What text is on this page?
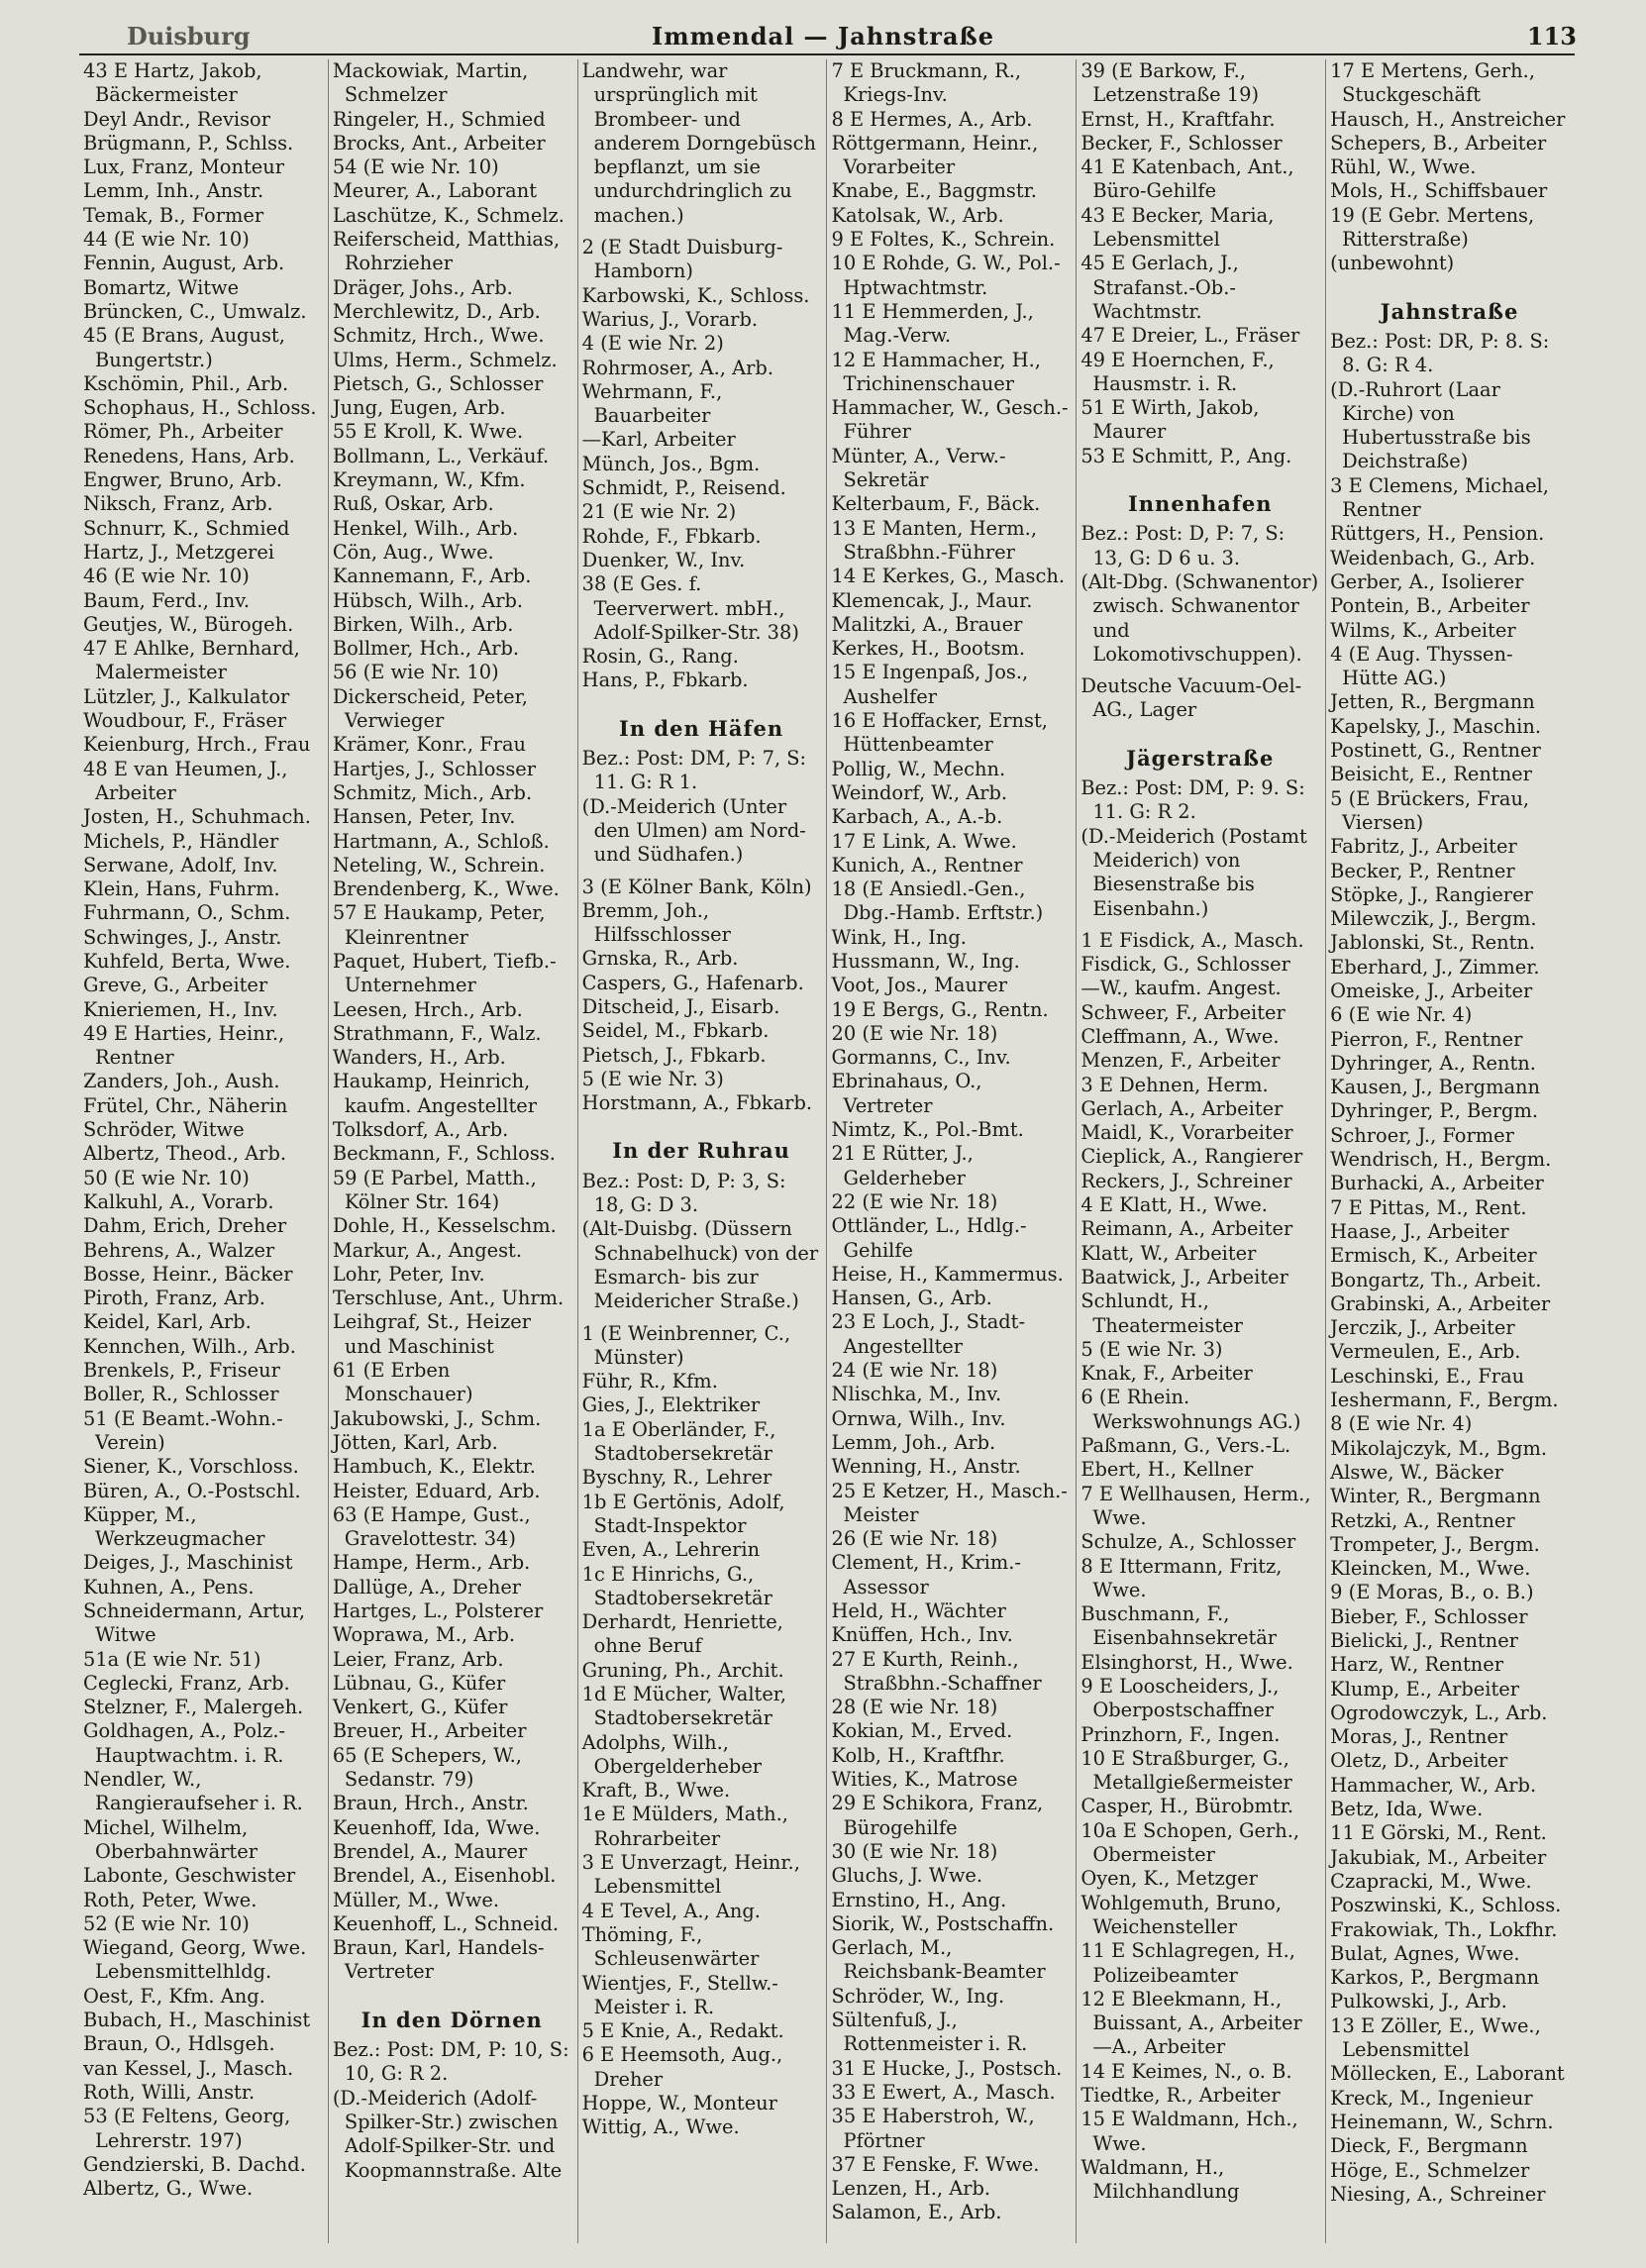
Duisburg	Immendal — Jahnstraße	113

43 E Hartz, Jakob, Bäckermeister

Deyl Andr., Revisor

Brügmann, P., Schlss.

Lux, Franz, Monteur

Lemm, Inh., Anstr.

Temak, B., Former

44 (E wie Nr. 10)

Fennin, August, Arb.

Bomartz, Witwe

Brüncken, C., Umwalz.

45 (E Brans, August, Bungertstr.)

Kschömin, Phil., Arb.

Schophaus, H., Schloss.

Römer, Ph., Arbeiter

Renedens, Hans, Arb.

Engwer, Bruno, Arb.

Niksch, Franz, Arb.

Schnurr, K., Schmied

Hartz, J., Metzgerei

46 (E wie Nr. 10)

Baum, Ferd., Inv.

Geutjes, W., Bürogeh.

47 E Ahlke, Bernhard, Malermeister

Lützler, J., Kalkulator

Woudbour, F., Fräser

Keienburg, Hrch., Frau

48 E van Heumen, J., Arbeiter

Josten, H., Schuhmach.

Michels, P., Händler

Serwane, Adolf, Inv.

Klein, Hans, Fuhrm.

Fuhrmann, O., Schm.

Schwinges, J., Anstr.

Kuhfeld, Berta, Wwe.

Greve, G., Arbeiter

Knieriemen, H., Inv.

49 E Harties, Heinr., Rentner

Zanders, Joh., Aush.

Frütel, Chr., Näherin

Schröder, Witwe

Albertz, Theod., Arb.

50 (E wie Nr. 10)

Kalkuhl, A., Vorarb.

Dahm, Erich, Dreher

Behrens, A., Walzer

Bosse, Heinr., Bäcker

Piroth, Franz, Arb.

Keidel, Karl, Arb.

Kennchen, Wilh., Arb.

Brenkels, P., Friseur

Boller, R., Schlosser

51 (E Beamt.-Wohn.-Verein)

Siener, K., Vorschloss.

Büren, A., O.-Postschl.

Küpper, M., Werkzeugmacher

Deiges, J., Maschinist

Kuhnen, A., Pens.

Schneidermann, Artur, Witwe

51a (E wie Nr. 51)

Ceglecki, Franz, Arb.

Stelzner, F., Malergeh.

Goldhagen, A., Polz.-Hauptwachtm. i. R.

Nendler, W., Rangieraufseher i. R.

Michel, Wilhelm, Oberbahnwärter

Labonte, Geschwister

Roth, Peter, Wwe.

52 (E wie Nr. 10)

Wiegand, Georg, Wwe. Lebensmittelhldg.

Oest, F., Kfm. Ang.

Bubach, H., Maschinist

Braun, O., Hdlsgeh.

van Kessel, J., Masch.

Roth, Willi, Anstr.

53 (E Feltens, Georg, Lehrerstr. 197)

Gendzierski, B. Dachd.

Albertz, G., Wwe.

Mackowiak, Martin, Schmelzer

Ringeler, H., Schmied

Brocks, Ant., Arbeiter

54 (E wie Nr. 10)

Meurer, A., Laborant

Laschütze, K., Schmelz.

Reiferscheid, Matthias, Rohrzieher

Dräger, Johs., Arb.

Merchlewitz, D., Arb.

Schmitz, Hrch., Wwe.

Ulms, Herm., Schmelz.

Pietsch, G., Schlosser

Jung, Eugen, Arb.

55 E Kroll, K. Wwe.

Bollmann, L., Verkäuf.

Kreymann, W., Kfm.

Ruß, Oskar, Arb.

Henkel, Wilh., Arb.

Cön, Aug., Wwe.

Kannemann, F., Arb.

Hübsch, Wilh., Arb.

Birken, Wilh., Arb.

Bollmer, Hch., Arb.

56 (E wie Nr. 10)

Dickerscheid, Peter, Verwieger

Krämer, Konr., Frau

Hartjes, J., Schlosser

Schmitz, Mich., Arb.

Hansen, Peter, Inv.

Hartmann, A., Schloß.

Neteling, W., Schrein.

Brendenberg, K., Wwe.

57 E Haukamp, Peter, Kleinrentner

Paquet, Hubert, Tiefb.-Unternehmer

Leesen, Hrch., Arb.

Strathmann, F., Walz.

Wanders, H., Arb.

Haukamp, Heinrich, kaufm. Angestellter

Tolksdorf, A., Arb.

Beckmann, F., Schloss.

59 (E Parbel, Matth., Kölner Str. 164)

Dohle, H., Kesselschm.

Markur, A., Angest.

Lohr, Peter, Inv.

Terschluse, Ant., Uhrm.

Leihgraf, St., Heizer und Maschinist

61 (E Erben Monschauer)

Jakubowski, J., Schm.

Jötten, Karl, Arb.

Hambuch, K., Elektr.

Heister, Eduard, Arb.

63 (E Hampe, Gust., Gravelottestr. 34)

Hampe, Herm., Arb.

Dallüge, A., Dreher

Hartges, L., Polsterer

Woprawa, M., Arb.

Leier, Franz, Arb.

Lübnau, G., Küfer

Venkert, G., Küfer

Breuer, H., Arbeiter

65 (E Schepers, W., Sedanstr. 79)

Braun, Hrch., Anstr.

Keuenhoff, Ida, Wwe.

Brendel, A., Maurer

Brendel, A., Eisenhobl.

Müller, M., Wwe.

Keuenhoff, L., Schneid.

Braun, Karl, Handels-Vertreter

In den Dörnen

Bez.: Post: DM, P: 10, S: 10, G: R 2.

(D.-Meiderich (Adolf-Spilker-Str.) zwischen Adolf-Spilker-Str. und Koopmannstraße. Alte

Landwehr, war ursprünglich mit Brombeer- und anderem Dorngebüsch bepflanzt, um sie undurchdringlich zu machen.)

2 (E Stadt Duisburg-Hamborn)

Karbowski, K., Schloss.

Warius, J., Vorarb.

4 (E wie Nr. 2)

Rohrmoser, A., Arb.

Wehrmann, F., Bauarbeiter

—Karl, Arbeiter

Münch, Jos., Bgm.

Schmidt, P., Reisend.

21 (E wie Nr. 2)

Rohde, F., Fbkarb.

Duenker, W., Inv.

38 (E Ges. f. Teerverwert. mbH., Adolf-Spilker-Str. 38)

Rosin, G., Rang.

Hans, P., Fbkarb.

In den Häfen

Bez.: Post: DM, P: 7, S: 11. G: R 1.

(D.-Meiderich (Unter den Ulmen) am Nord- und Südhafen.)

3 (E Kölner Bank, Köln)

Bremm, Joh., Hilfsschlosser

Grnska, R., Arb.

Caspers, G., Hafenarb.

Ditscheid, J., Eisarb.

Seidel, M., Fbkarb.

Pietsch, J., Fbkarb.

5 (E wie Nr. 3)

Horstmann, A., Fbkarb.

In der Ruhrau

Bez.: Post: D, P: 3, S: 18, G: D 3.

(Alt-Duisbg. (Düssern Schnabelhuck) von der Esmarch- bis zur Meidericher Straße.)

1 (E Weinbrenner, C., Münster)

Führ, R., Kfm.

Gies, J., Elektriker

1a E Oberländer, F., Stadtobersekretär

Byschny, R., Lehrer

1b E Gertönis, Adolf, Stadt-Inspektor

Even, A., Lehrerin

1c E Hinrichs, G., Stadtobersekretär

Derhardt, Henriette, ohne Beruf

Gruning, Ph., Archit.

1d E Mücher, Walter, Stadtobersekretär

Adolphs, Wilh., Obergelderheber

Kraft, B., Wwe.

1e E Mülders, Math., Rohrarbeiter

3 E Unverzagt, Heinr., Lebensmittel

4 E Tevel, A., Ang.

Thöming, F., Schleusenwärter

Wientjes, F., Stellw.-Meister i. R.

5 E Knie, A., Redakt.

6 E Heemsoth, Aug., Dreher

Hoppe, W., Monteur

Wittig, A., Wwe.

7 E Bruckmann, R., Kriegs-Inv.

8 E Hermes, A., Arb.

Röttgermann, Heinr., Vorarbeiter

Knabe, E., Baggmstr.

Katolsak, W., Arb.

9 E Foltes, K., Schrein.

10 E Rohde, G. W., Pol.-Hptwachtmstr.

11 E Hemmerden, J., Mag.-Verw.

12 E Hammacher, H., Trichinenschauer

Hammacher, W., Gesch.-Führer

Münter, A., Verw.-Sekretär

Kelterbaum, F., Bäck.

13 E Manten, Herm., Straßbhn.-Führer

14 E Kerkes, G., Masch.

Klemencak, J., Maur.

Malitzki, A., Brauer

Kerkes, H., Bootsm.

15 E Ingenpaß, Jos., Aushelfer

16 E Hoffacker, Ernst, Hüttenbeamter

Pollig, W., Mechn.

Weindorf, W., Arb.

Karbach, A., A.-b.

17 E Link, A. Wwe.

Kunich, A., Rentner

18 (E Ansiedl.-Gen., Dbg.-Hamb. Erftstr.)

Wink, H., Ing.

Hussmann, W., Ing.

Voot, Jos., Maurer

19 E Bergs, G., Rentn.

20 (E wie Nr. 18)

Gormanns, C., Inv.

Ebrinahaus, O., Vertreter

Nimtz, K., Pol.-Bmt.

21 E Rütter, J., Gelderheber

22 (E wie Nr. 18)

Ottländer, L., Hdlg.-Gehilfe

Heise, H., Kammermus.

Hansen, G., Arb.

23 E Loch, J., Stadt-Angestellter

24 (E wie Nr. 18)

Nlischka, M., Inv.

Ornwa, Wilh., Inv.

Lemm, Joh., Arb.

Wenning, H., Anstr.

25 E Ketzer, H., Masch.-Meister

26 (E wie Nr. 18)

Clement, H., Krim.-Assessor

Held, H., Wächter

Knüffen, Hch., Inv.

27 E Kurth, Reinh., Straßbhn.-Schaffner

28 (E wie Nr. 18)

Kokian, M., Erved.

Kolb, H., Kraftfhr.

Wities, K., Matrose

29 E Schikora, Franz, Bürogehilfe

30 (E wie Nr. 18)

Gluchs, J. Wwe.

Ernstino, H., Ang.

Siorik, W., Postschaffn.

Gerlach, M., Reichsbank-Beamter

Schröder, W., Ing.

Sültenfuß, J., Rottenmeister i. R.

31 E Hucke, J., Postsch.

33 E Ewert, A., Masch.

35 E Haberstroh, W., Pförtner

37 E Fenske, F. Wwe.

Lenzen, H., Arb.

Salamon, E., Arb.

39 (E Barkow, F., Letzenstraße 19)

Ernst, H., Kraftfahr.

Becker, F., Schlosser

41 E Katenbach, Ant., Büro-Gehilfe

43 E Becker, Maria, Lebensmittel

45 E Gerlach, J., Strafanst.-Ob.-Wachtmstr.

47 E Dreier, L., Fräser

49 E Hoernchen, F., Hausmstr. i. R.

51 E Wirth, Jakob, Maurer

53 E Schmitt, P., Ang.

Innenhafen

Bez.: Post: D, P: 7, S: 13, G: D 6 u. 3.

(Alt-Dbg. (Schwanentor) zwisch. Schwanentor und Lokomotivschuppen).

Deutsche Vacuum-Oel-AG., Lager

Jägerstraße

Bez.: Post: DM, P: 9. S: 11. G: R 2.

(D.-Meiderich (Postamt Meiderich) von Biesenstraße bis Eisenbahn.)

1 E Fisdick, A., Masch.

Fisdick, G., Schlosser

—W., kaufm. Angest.

Schweer, F., Arbeiter

Cleffmann, A., Wwe.

Menzen, F., Arbeiter

3 E Dehnen, Herm.

Gerlach, A., Arbeiter

Maidl, K., Vorarbeiter

Cieplick, A., Rangierer

Reckers, J., Schreiner

4 E Klatt, H., Wwe.

Reimann, A., Arbeiter

Klatt, W., Arbeiter

Baatwick, J., Arbeiter

Schlundt, H., Theatermeister

5 (E wie Nr. 3)

Knak, F., Arbeiter

6 (E Rhein. Werkswohnungs AG.)

Paßmann, G., Vers.-L.

Ebert, H., Kellner

7 E Wellhausen, Herm., Wwe.

Schulze, A., Schlosser

8 E Ittermann, Fritz, Wwe.

Buschmann, F., Eisenbahnsekretär

Elsinghorst, H., Wwe.

9 E Looscheiders, J., Oberpostschaffner

Prinzhorn, F., Ingen.

10 E Straßburger, G., Metallgießermeister

Casper, H., Bürobmtr.

10a E Schopen, Gerh., Obermeister

Oyen, K., Metzger

Wohlgemuth, Bruno, Weichensteller

11 E Schlagregen, H., Polizeibeamter

12 E Bleekmann, H., Buissant, A., Arbeiter —A., Arbeiter

14 E Keimes, N., o. B.

Tiedtke, R., Arbeiter

15 E Waldmann, Hch., Wwe.

Waldmann, H., Milchhandlung

17 E Mertens, Gerh., Stuckgeschäft

Hausch, H., Anstreicher

Schepers, B., Arbeiter

Rühl, W., Wwe.

Mols, H., Schiffsbauer

19 (E Gebr. Mertens, Ritterstraße)

(unbewohnt)

Jahnstraße

Bez.: Post: DR, P: 8. S: 8. G: R 4.

(D.-Ruhrort (Laar Kirche) von Hubertusstraße bis Deichstraße)

3 E Clemens, Michael, Rentner

Rüttgers, H., Pension.

Weidenbach, G., Arb.

Gerber, A., Isolierer

Pontein, B., Arbeiter

Wilms, K., Arbeiter

4 (E Aug. Thyssen-Hütte AG.)

Jetten, R., Bergmann

Kapelsky, J., Maschin.

Postinett, G., Rentner

Beisicht, E., Rentner

5 (E Brückers, Frau, Viersen)

Fabritz, J., Arbeiter

Becker, P., Rentner

Stöpke, J., Rangierer

Milewczik, J., Bergm.

Jablonski, St., Rentn.

Eberhard, J., Zimmer.

Omeiske, J., Arbeiter

6 (E wie Nr. 4)

Pierron, F., Rentner

Dyhringer, A., Rentn.

Kausen, J., Bergmann

Dyhringer, P., Bergm.

Schroer, J., Former

Wendrisch, H., Bergm.

Burhacki, A., Arbeiter

7 E Pittas, M., Rent.

Haase, J., Arbeiter

Ermisch, K., Arbeiter

Bongartz, Th., Arbeit.

Grabinski, A., Arbeiter

Jerczik, J., Arbeiter

Vermeulen, E., Arb.

Leschinski, E., Frau

Ieshermann, F., Bergm.

8 (E wie Nr. 4)

Mikolajczyk, M., Bgm.

Alswe, W., Bäcker

Winter, R., Bergmann

Retzki, A., Rentner

Trompeter, J., Bergm.

Kleincken, M., Wwe.

9 (E Moras, B., o. B.)

Bieber, F., Schlosser

Bielicki, J., Rentner

Harz, W., Rentner

Klump, E., Arbeiter

Ogrodowczyk, L., Arb.

Moras, J., Rentner

Oletz, D., Arbeiter

Hammacher, W., Arb.

Betz, Ida, Wwe.

11 E Görski, M., Rent.

Jakubiak, M., Arbeiter

Czapracki, M., Wwe.

Poszwinski, K., Schloss.

Frakowiak, Th., Lokfhr.

Bulat, Agnes, Wwe.

Karkos, P., Bergmann

Pulkowski, J., Arb.

13 E Zöller, E., Wwe., Lebensmittel

Möllecken, E., Laborant

Kreck, M., Ingenieur

Heinemann, W., Schrn.

Dieck, F., Bergmann

Höge, E., Schmelzer

Niesing, A., Schreiner
